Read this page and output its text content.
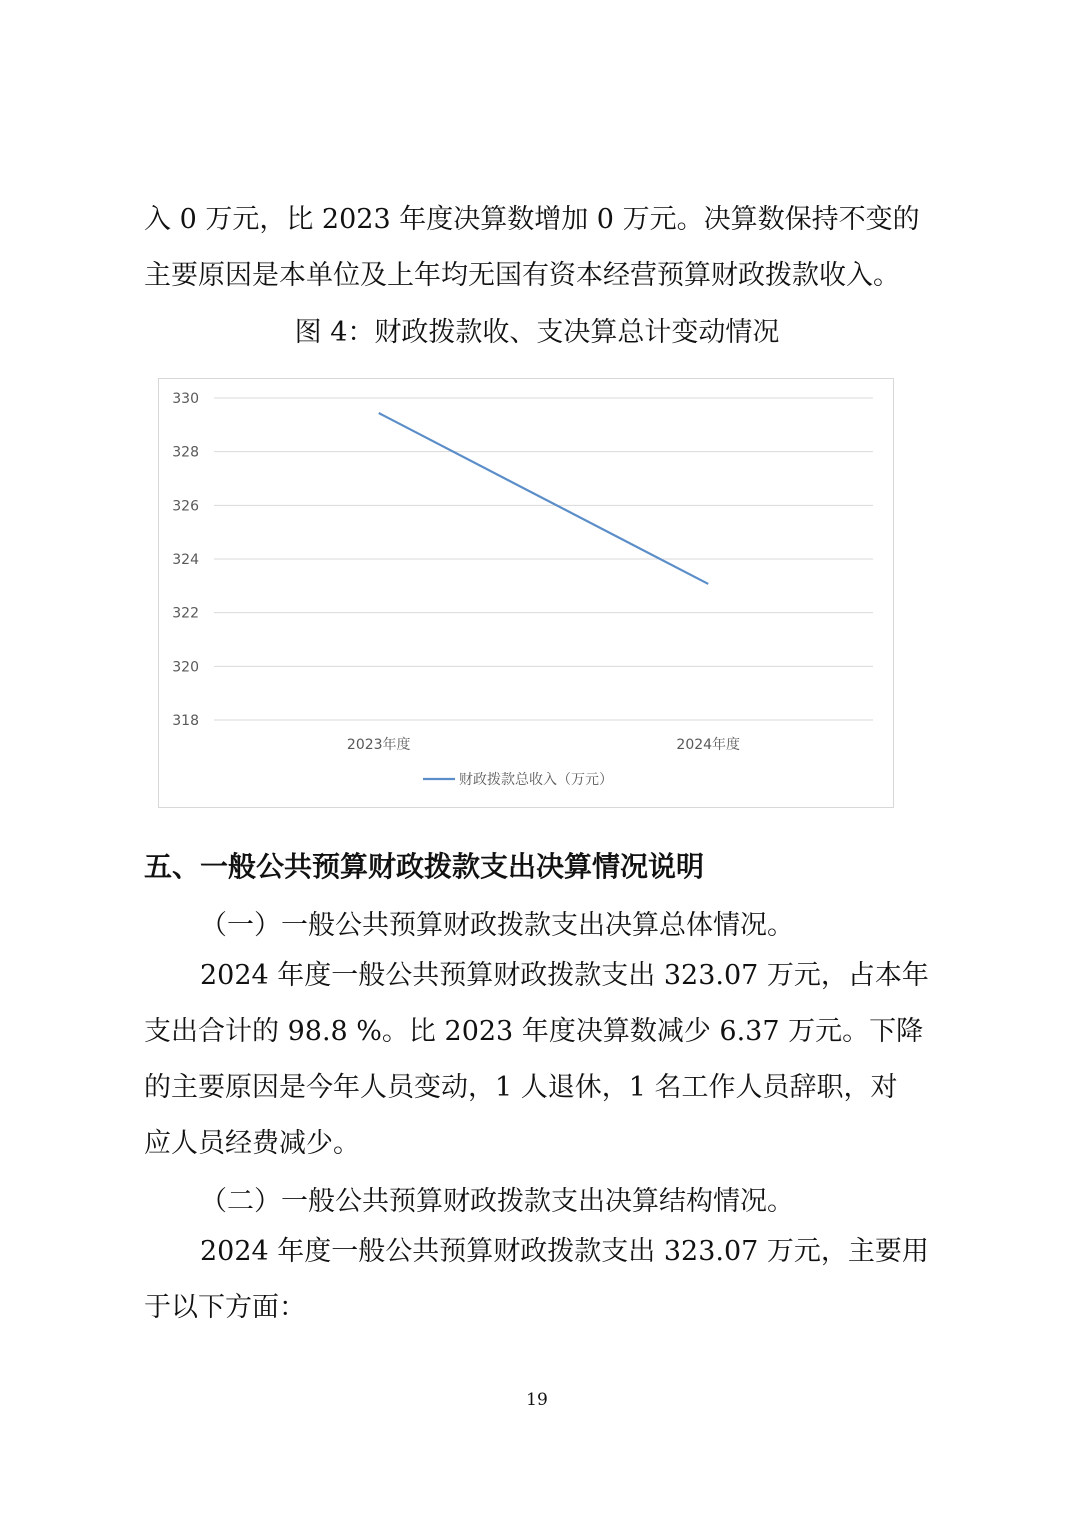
入 0 万元，比 2023 年度决算数增加 0 万元。决算数保持不变的
主要原因是本单位及上年均无国有资本经营预算财政拨款收入。
图 4：财政拨款收、支决算总计变动情况
318
320
322
324
326
328
330
2023年度	2024年度
财政拨款总收入（万元）
五、一般公共预算财政拨款支出决算情况说明
（一）一般公共预算财政拨款支出决算总体情况。
2024 年度一般公共预算财政拨款支出 323.07 万元，占本年
支出合计的 98.8 %。比 2023 年度决算数减少 6.37 万元。下降
的主要原因是今年人员变动，1 人退休，1 名工作人员辞职，对
应人员经费减少。
（二）一般公共预算财政拨款支出决算结构情况。
2024 年度一般公共预算财政拨款支出 323.07 万元，主要用
于以下方面：
19
